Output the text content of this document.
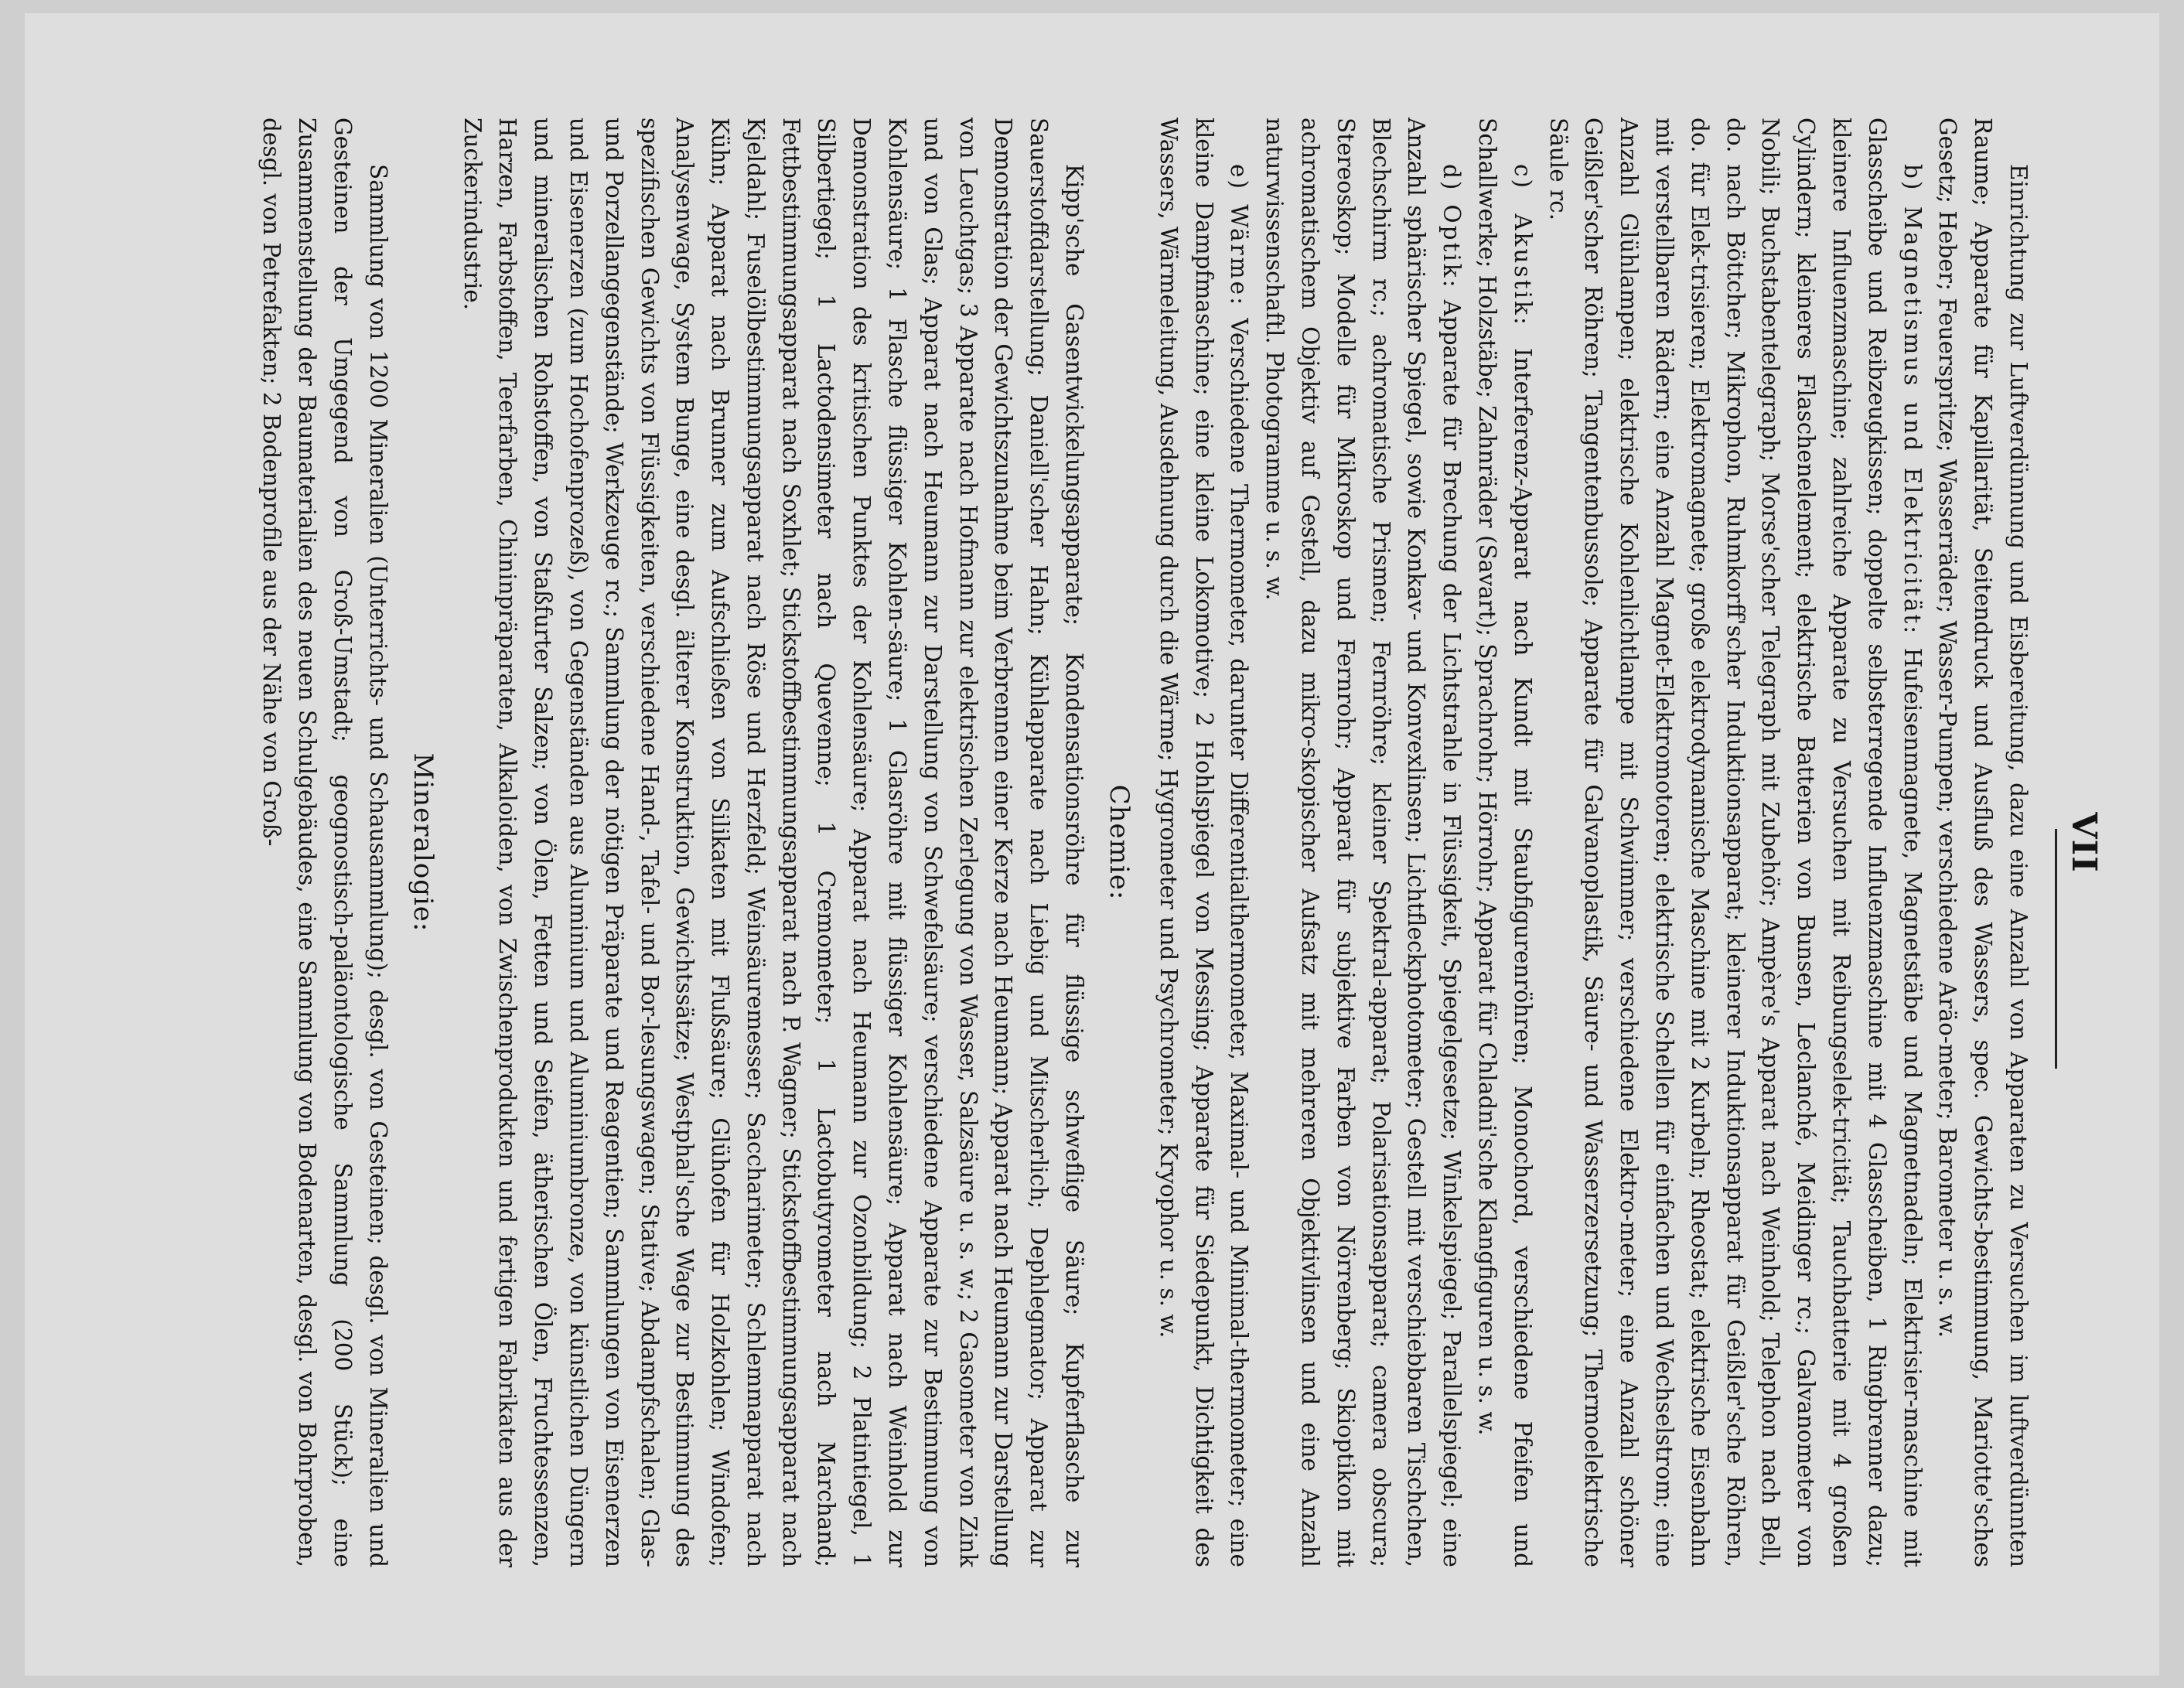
VII

Einrichtung zur Luftverdünnung und Eisbereitung, dazu eine Anzahl von Apparaten zu Versuchen im luftverdünnten Raume; Apparate für Kapillarität, Seitendruck und Ausfluß des Wassers, spec. Gewichts-bestimmung, Mariotte'sches Gesetz; Heber; Feuerspritze; Wasserräder; Wasser-Pumpen; verschiedene Aräo-meter; Barometer u. s. w.

b) Magnetismus und Elektricität: Hufeisenmagnete, Magnetstäbe und Magnetnadeln; Elektrisier-maschine mit Glasscheibe und Reibzeugkissen; doppelte selbsterregende Influenzmaschine mit 4 Glasscheiben, 1 Ringbrenner dazu; kleinere Influenzmaschine; zahlreiche Apparate zu Versuchen mit Reibungselek-tricität; Tauchbatterie mit 4 großen Cylindern; kleineres Flaschenelement; elektrische Batterien von Bunsen, Leclanché, Meidinger rc.; Galvanometer von Nobili; Buchstabentelegraph; Morse'scher Telegraph mit Zubehör; Ampère's Apparat nach Weinhold; Telephon nach Bell, do. nach Böttcher; Mikrophon, Ruhmkorff'scher Induktionsapparat; kleinerer Induktionsapparat für Geißler'sche Röhren, do. für Elek-trisieren; Elektromagnete; große elektrodynamische Maschine mit 2 Kurbeln; Rheostat; elektrische Eisenbahn mit verstellbaren Rädern; eine Anzahl Magnet-Elektromotoren; elektrische Schellen für einfachen und Wechselstrom; eine Anzahl Glühlampen; elektrische Kohlenlichtlampe mit Schwimmer; verschiedene Elektro-meter; eine Anzahl schöner Geißler'scher Röhren; Tangentenbussole; Apparate für Galvanoplastik, Säure- und Wasserzersetzung; Thermoelektrische Säule rc.

c) Akustik: Interferenz-Apparat nach Kundt mit Staubfigurenröhren; Monochord, verschiedene Pfeifen und Schallwerke; Holzstäbe; Zahnräder (Savart); Sprachrohr; Hörrohr; Apparat für Chladni'sche Klangfiguren u. s. w.

d) Optik: Apparate für Brechung der Lichtstrahle in Flüssigkeit, Spiegelgesetze; Winkelspiegel; Parallelspiegel; eine Anzahl sphärischer Spiegel, sowie Konkav- und Konvexlinsen; Lichtfleckphotometer; Gestell mit verschiebbaren Tischchen, Blechschirm rc.; achromatische Prismen; Fernröhre; kleiner Spektral-apparat; Polarisationsapparat; camera obscura; Stereoskop; Modelle für Mikroskop und Fernrohr; Apparat für subjektive Farben von Nörrenberg; Skioptikon mit achromatischem Objektiv auf Gestell, dazu mikro-skopischer Aufsatz mit mehreren Objektivlinsen und eine Anzahl naturwissenschaftl. Photogramme u. s. w.

e) Wärme: Verschiedene Thermometer, darunter Differentialthermometer, Maximal- und Minimal-thermometer; eine kleine Dampfmaschine; eine kleine Lokomotive; 2 Hohlspiegel von Messing; Apparate für Siedepunkt, Dichtigkeit des Wassers, Wärmeleitung, Ausdehnung durch die Wärme; Hygrometer und Psychrometer; Kryophor u. s. w.

Chemie:

Kipp'sche Gasentwickelungsapparate; Kondensationsröhre für flüssige schweflige Säure; Kupferflasche zur Sauerstoffdarstellung; Daniell'scher Hahn; Kühlapparate nach Liebig und Mitscherlich; Dephlegmator; Apparat zur Demonstration der Gewichtszunahme beim Verbrennen einer Kerze nach Heumann; Apparat nach Heumann zur Darstellung von Leuchtgas; 3 Apparate nach Hofmann zur elektrischen Zerlegung von Wasser, Salzsäure u. s. w.; 2 Gasometer von Zink und von Glas; Apparat nach Heumann zur Darstellung von Schwefelsäure; verschiedene Apparate zur Bestimmung von Kohlensäure; 1 Flasche flüssiger Kohlen-säure; 1 Glasröhre mit flüssiger Kohlensäure; Apparat nach Weinhold zur Demonstration des kritischen Punktes der Kohlensäure; Apparat nach Heumann zur Ozonbildung; 2 Platintiegel, 1 Silbertiegel; 1 Lactodensimeter nach Quevenne; 1 Cremometer; 1 Lactobutyrometer nach Marchand; Fettbestimmungsapparat nach Soxhlet; Stickstoffbestimmungsapparat nach P. Wagner; Stickstoffbestimmungsapparat nach Kjeldahl; Fuselölbestimmungsapparat nach Röse und Herzfeld; Weinsäuremesser; Saccharimeter; Schlemmapparat nach Kühn; Apparat nach Brunner zum Aufschließen von Silikaten mit Flußsäure; Glühofen für Holzkohlen; Windofen; Analysenwage, System Bunge, eine desgl. älterer Konstruktion, Gewichtssätze; Westphal'sche Wage zur Bestimmung des spezifischen Gewichts von Flüssigkeiten, verschiedene Hand-, Tafel- und Bor-lesungswagen; Stative; Abdampfschalen; Glas- und Porzellangegenstände; Werkzeuge rc.; Sammlung der nötigen Präparate und Reagentien; Sammlungen von Eisenerzen und Eisenerzen (zum Hochofenprozeß), von Gegenständen aus Aluminium und Aluminiumbronze, von künstlichen Düngern und mineralischen Rohstoffen, von Staßfurter Salzen; von Ölen, Fetten und Seifen, ätherischen Ölen, Fruchtessenzen, Harzen, Farbstoffen, Teerfarben, Chininpräparaten, Alkaloiden, von Zwischenprodukten und fertigen Fabrikaten aus der Zuckerindustrie.

Mineralogie:

Sammlung von 1200 Mineralien (Unterrichts- und Schausammlung); desgl. von Gesteinen; desgl. von Mineralien und Gesteinen der Umgegend von Groß-Umstadt; geognostisch-paläontologische Sammlung (200 Stück); eine Zusammenstellung der Baumaterialien des neuen Schulgebäudes, eine Sammlung von Bodenarten, desgl. von Bohrproben, desgl. von Petrefakten; 2 Bodenprofile aus der Nähe von Groß-
